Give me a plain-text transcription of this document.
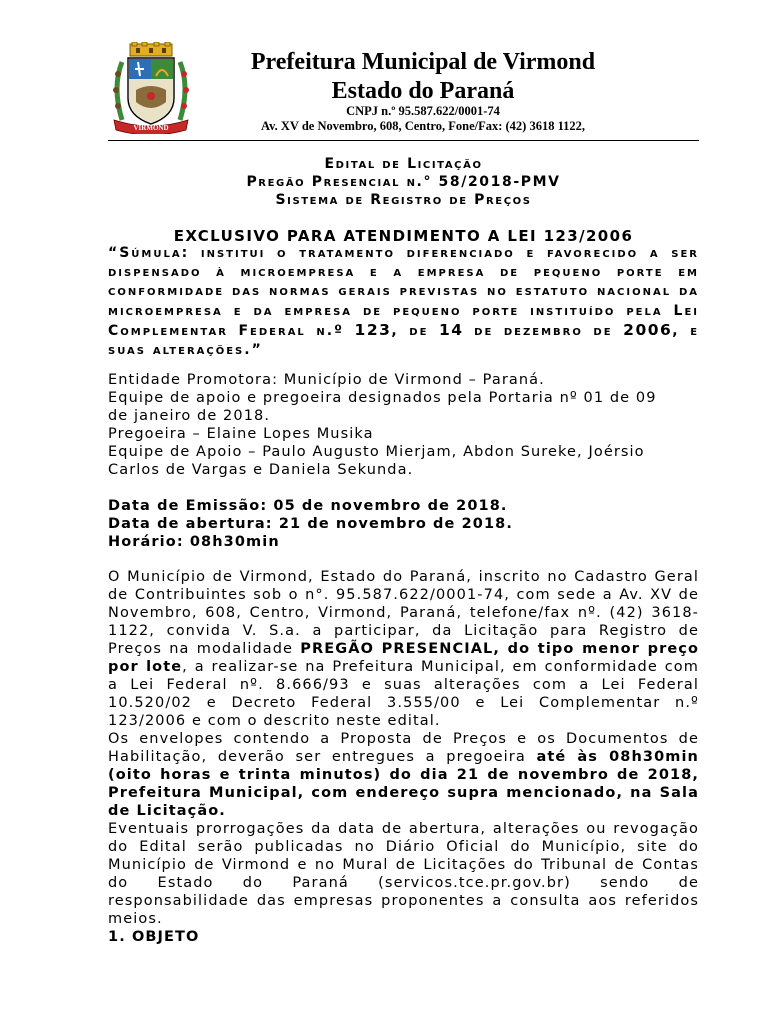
VIRMOND
Prefeitura Municipal de Virmond
Estado do Paraná
CNPJ n.º 95.587.622/0001-74
Av. XV de Novembro, 608, Centro, Fone/Fax: (42) 3618 1122,
Edital de Licitação
Pregão Presencial n.° 58/2018-PMV
Sistema de Registro de Preços
EXCLUSIVO PARA ATENDIMENTO A LEI 123/2006
“Súmula: institui o tratamento diferenciado e favorecido a ser dispensado à microempresa e a empresa de pequeno porte em conformidade das normas gerais previstas no estatuto nacional da microempresa e da empresa de pequeno porte instituído pela Lei Complementar Federal n.º 123, de 14 de dezembro de 2006, e suas alterações.”
Entidade Promotora: Município de Virmond – Paraná.
Equipe de apoio e pregoeira designados pela Portaria nº 01 de 09
de janeiro de 2018.
Pregoeira – Elaine Lopes Musika
Equipe de Apoio – Paulo Augusto Mierjam, Abdon Sureke, Joérsio
Carlos de Vargas e Daniela Sekunda.
Data de Emissão: 05 de novembro de 2018.
Data de abertura: 21 de novembro de 2018.
Horário: 08h30min

O Município de Virmond, Estado do Paraná, inscrito no Cadastro Geral de Contribuintes sob o n°. 95.587.622/0001-74, com sede a Av. XV de Novembro, 608, Centro, Virmond, Paraná, telefone/fax nº. (42) 3618-1122, convida V. S.a. a participar, da Licitação para Registro de Preços na modalidade PREGÃO PRESENCIAL, do tipo menor preço por lote, a realizar-se na Prefeitura Municipal, em conformidade com a Lei Federal nº. 8.666/93 e suas alterações com a Lei Federal 10.520/02 e Decreto Federal 3.555/00 e Lei Complementar n.º 123/2006 e com o descrito neste edital.

Os envelopes contendo a Proposta de Preços e os Documentos de Habilitação, deverão ser entregues a pregoeira até às 08h30min (oito horas e trinta minutos) do dia 21 de novembro de 2018, Prefeitura Municipal, com endereço supra mencionado, na Sala de Licitação.

Eventuais prorrogações da data de abertura, alterações ou revogação do Edital serão publicadas no Diário Oficial do Município, site do Município de Virmond e no Mural de Licitações do Tribunal de Contas do Estado do Paraná (servicos.tce.pr.gov.br) sendo de responsabilidade das empresas proponentes a consulta aos referidos meios.

1. OBJETO
